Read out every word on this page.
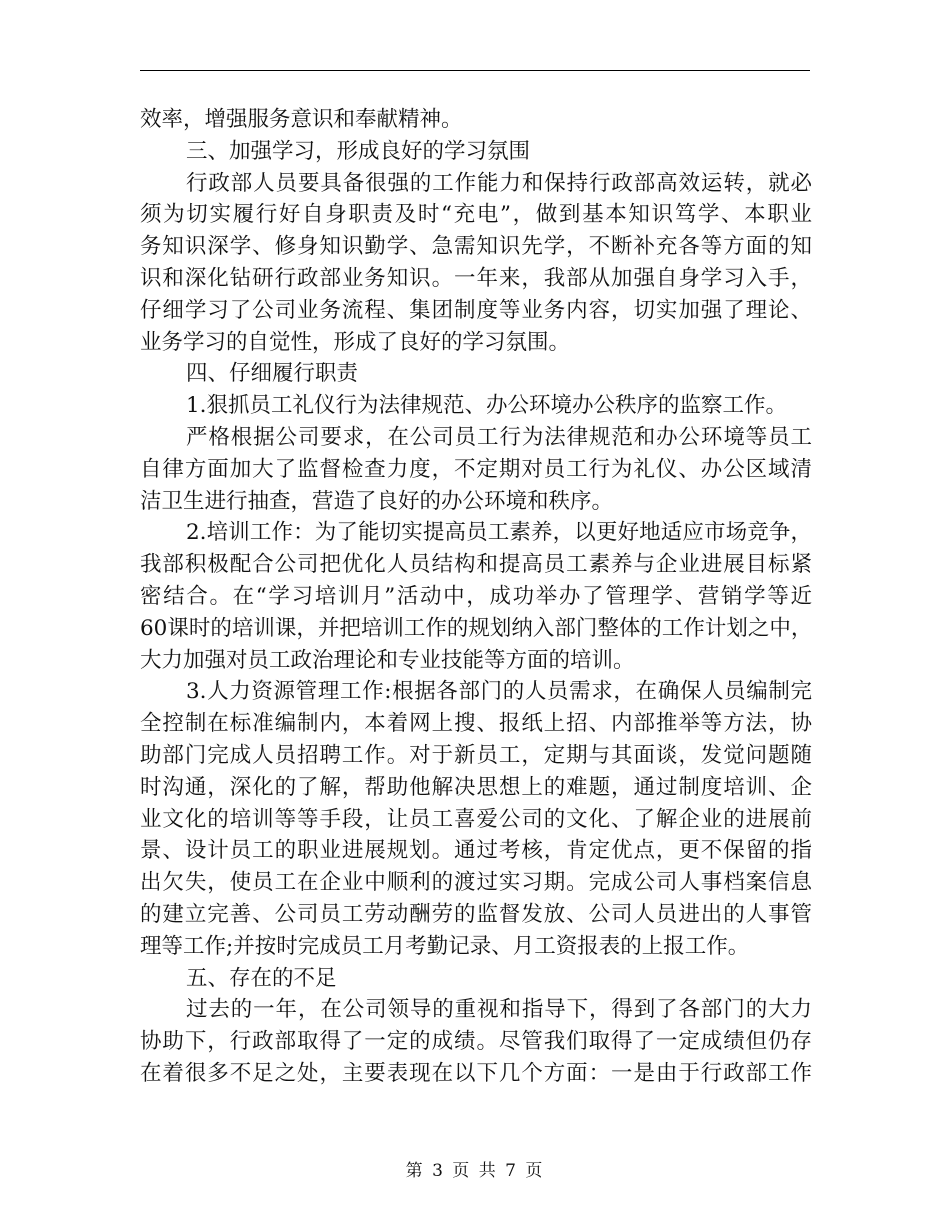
效率，增强服务意识和奉献精神。
三、加强学习，形成良好的学习氛围
行政部人员要具备很强的工作能力和保持行政部高效运转，就必
须为切实履行好自身职责及时“充电”，做到基本知识笃学、本职业
务知识深学、修身知识勤学、急需知识先学，不断补充各等方面的知
识和深化钻研行政部业务知识。一年来，我部从加强自身学习入手，
仔细学习了公司业务流程、集团制度等业务内容，切实加强了理论、
业务学习的自觉性，形成了良好的学习氛围。
四、仔细履行职责
1.狠抓员工礼仪行为法律规范、办公环境办公秩序的监察工作。
严格根据公司要求，在公司员工行为法律规范和办公环境等员工
自律方面加大了监督检查力度，不定期对员工行为礼仪、办公区域清
洁卫生进行抽查，营造了良好的办公环境和秩序。
2.培训工作：为了能切实提高员工素养，以更好地适应市场竞争，
我部积极配合公司把优化人员结构和提高员工素养与企业进展目标紧
密结合。在“学习培训月”活动中，成功举办了管理学、营销学等近
60课时的培训课，并把培训工作的规划纳入部门整体的工作计划之中，
大力加强对员工政治理论和专业技能等方面的培训。
3.人力资源管理工作:根据各部门的人员需求，在确保人员编制完
全控制在标准编制内，本着网上搜、报纸上招、内部推举等方法，协
助部门完成人员招聘工作。对于新员工，定期与其面谈，发觉问题随
时沟通，深化的了解，帮助他解决思想上的难题，通过制度培训、企
业文化的培训等等手段，让员工喜爱公司的文化、了解企业的进展前
景、设计员工的职业进展规划。通过考核，肯定优点，更不保留的指
出欠失，使员工在企业中顺利的渡过实习期。完成公司人事档案信息
的建立完善、公司员工劳动酬劳的监督发放、公司人员进出的人事管
理等工作;并按时完成员工月考勤记录、月工资报表的上报工作。
五、存在的不足
过去的一年，在公司领导的重视和指导下，得到了各部门的大力
协助下，行政部取得了一定的成绩。尽管我们取得了一定成绩但仍存
在着很多不足之处，主要表现在以下几个方面：一是由于行政部工作
第 3 页 共 7 页
